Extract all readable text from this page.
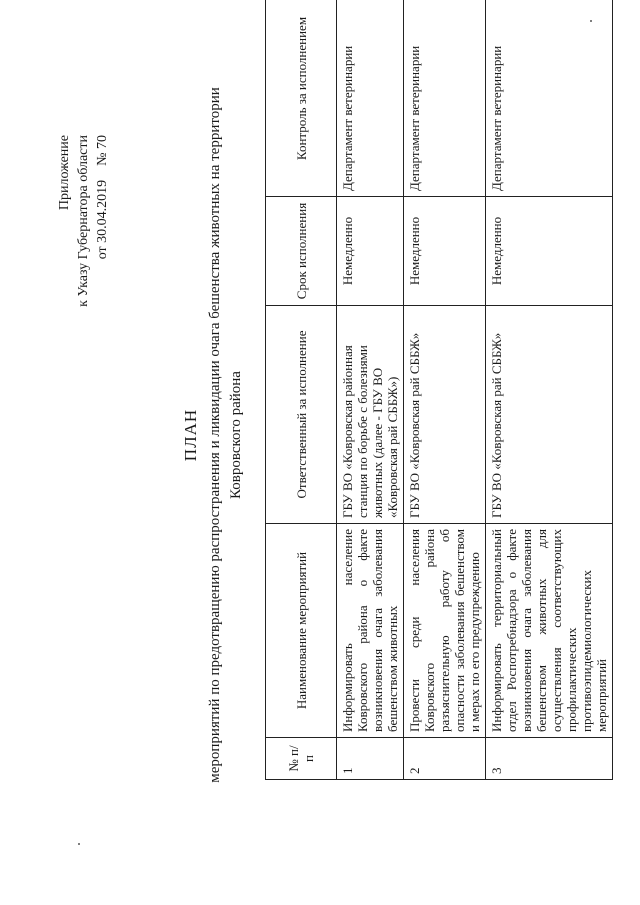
Приложение к Указу Губернатора области от 30.04.2019№ 70
ПЛАН мероприятий по предотвращению распространения и ликвидации очага бешенства животных на территории Ковровского района
№ п/п	Наименование мероприятий	Ответственный за исполнение	Срок исполнения	Контроль за исполнением
1	Информировать население Ковровского района о факте возникновения очага заболевания бешенством животных	ГБУ ВО «Ковровская районная станция по борьбе с болезнями животных (далее - ГБУ ВО «Ковровская рай СББЖ»)	Немедленно	Департамент ветеринарии
2	Провести среди населения Ковровского района разъяснительную работу об опасности заболевания бешенством и мерах по его предупреждению	ГБУ ВО «Ковровская рай СББЖ»	Немедленно	Департамент ветеринарии
3	Информировать территориальный отдел Роспотребнадзора о факте возникновения очага заболевания бешенством животных для осуществления соответствующих профилактических противоэпидемиологических мероприятий	ГБУ ВО «Ковровская рай СББЖ»	Немедленно	Департамент ветеринарии
